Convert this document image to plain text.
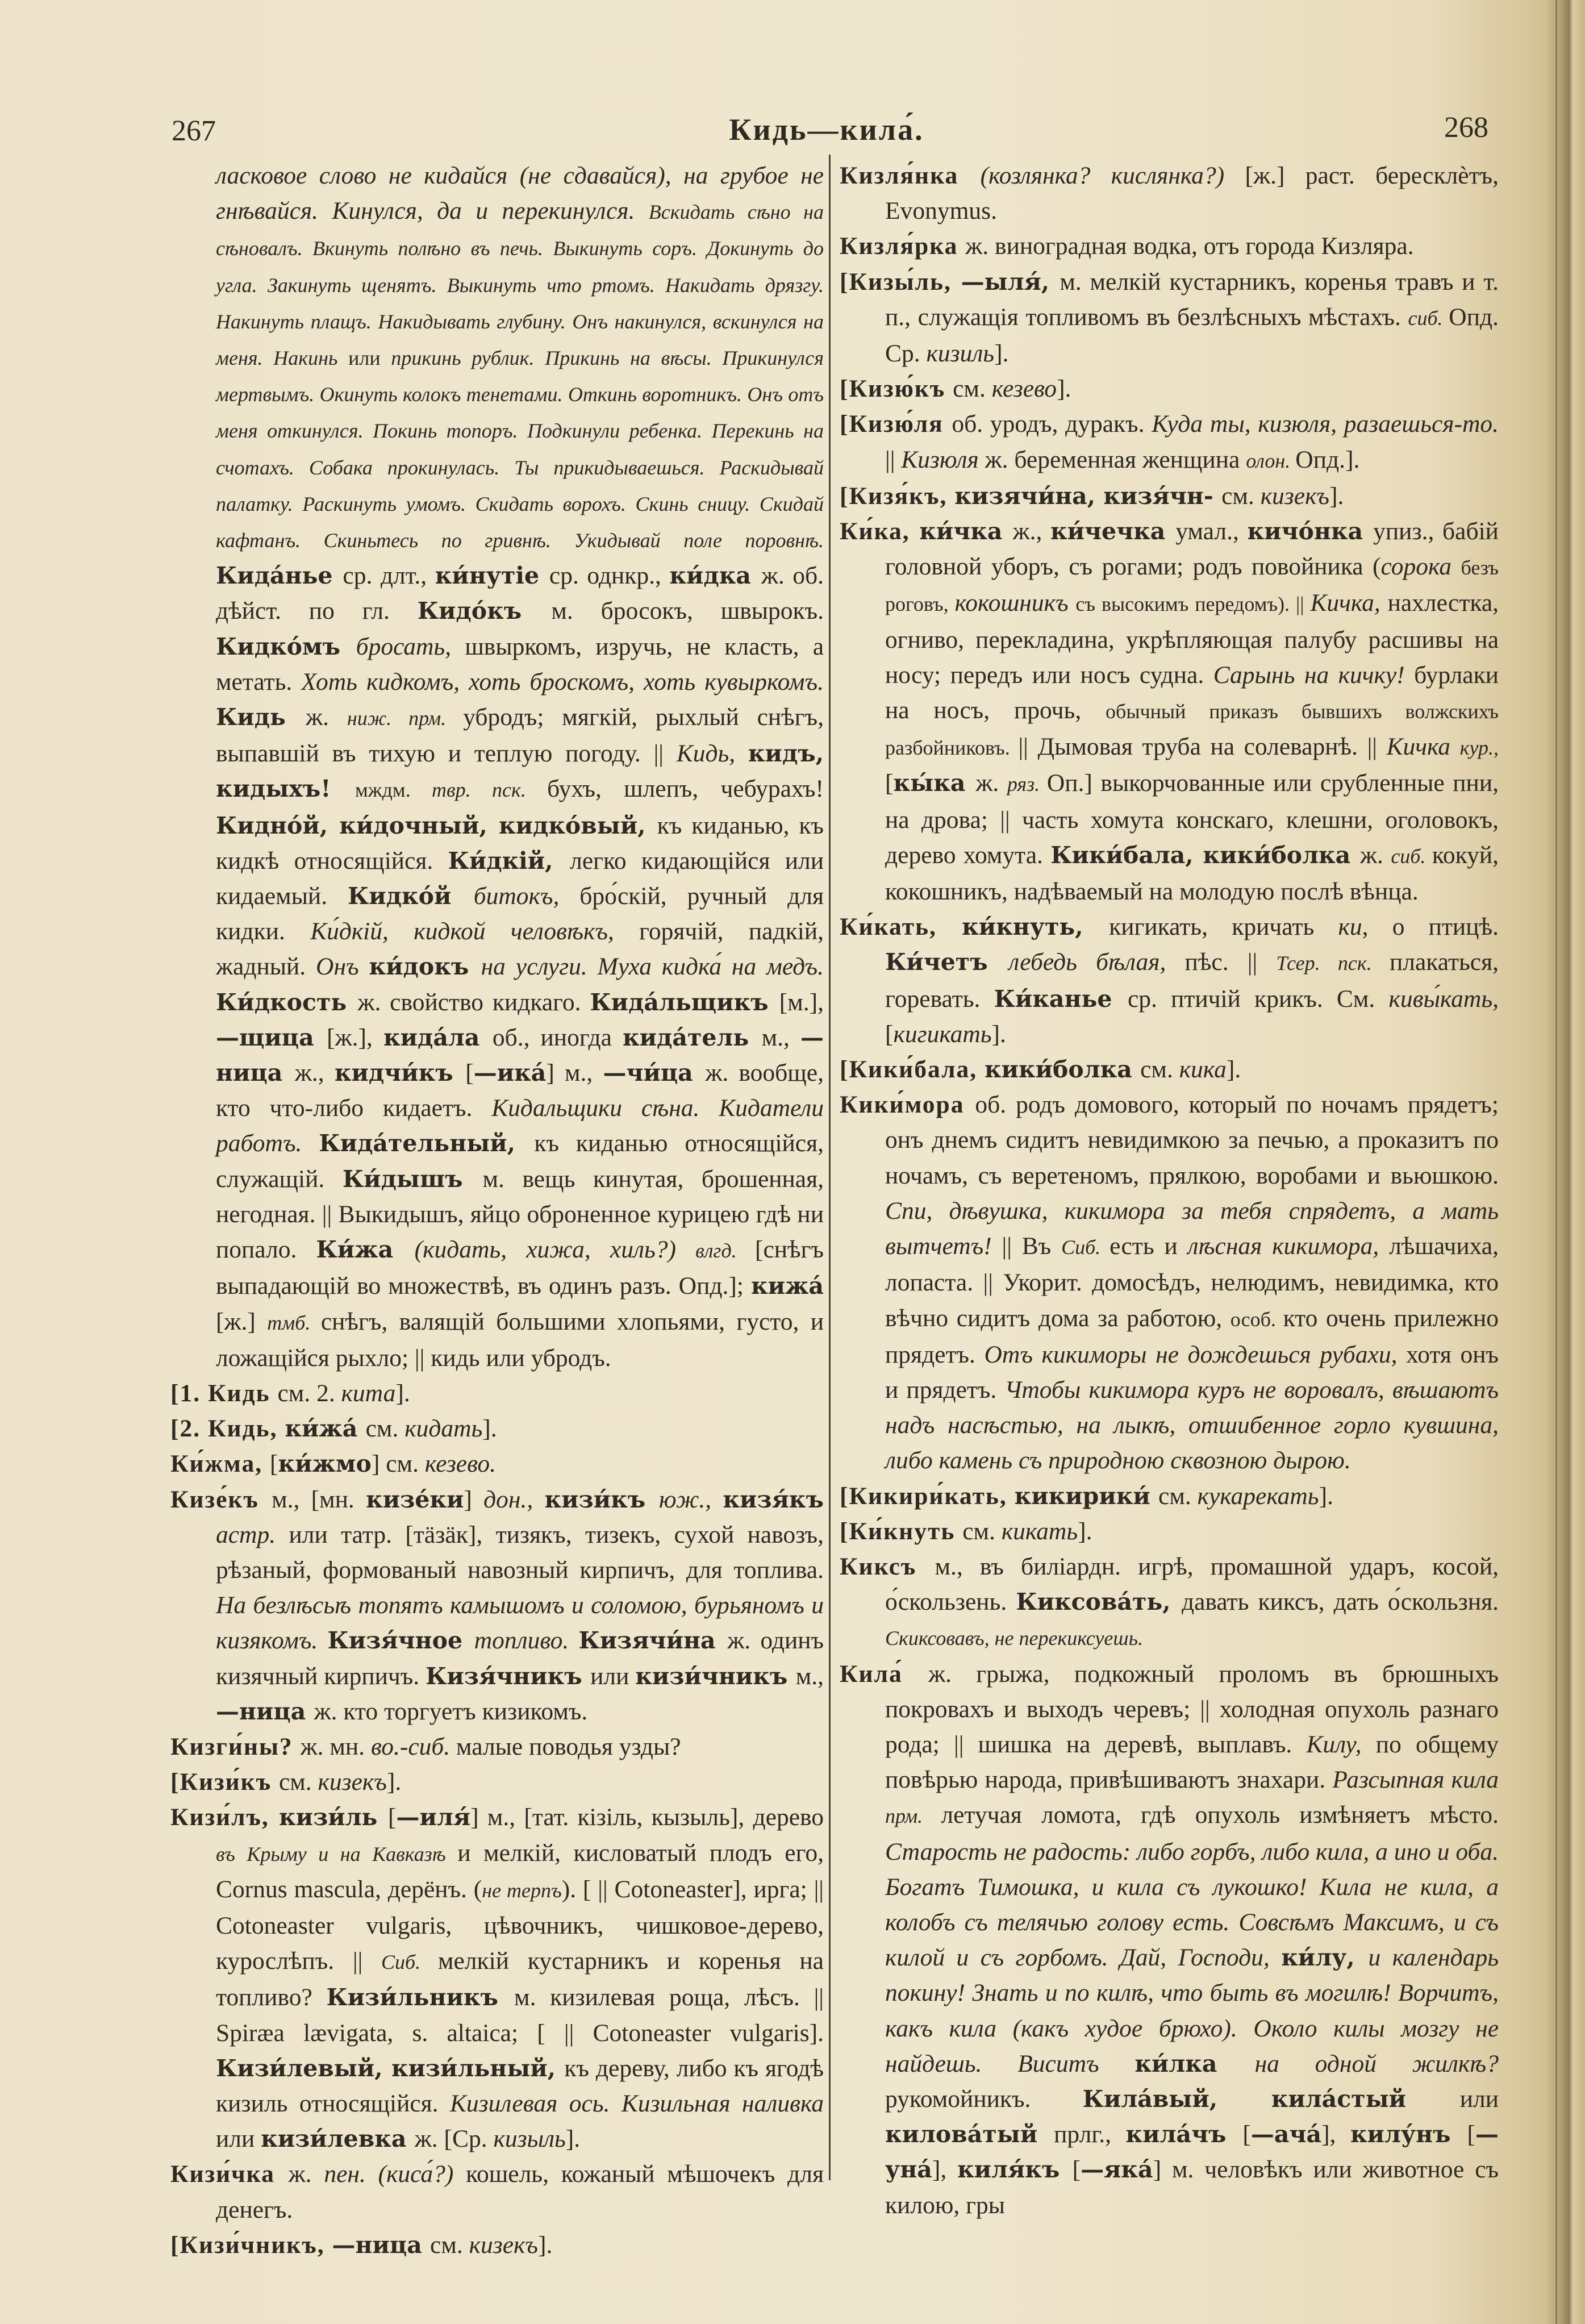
267	Кидь—кила́.	268

ласковое слово не кидайся (не сдавайся), на грубое не гнѣвайся. Кинулся, да и перекинулся. Вскидать сѣно на сѣновалъ. Вкинуть полѣно въ печь. Выкинуть соръ. Докинуть до угла. Закинуть щенятъ. Выкинуть что ртомъ. Накидать дрязгу. Накинуть плащъ. Накидывать глубину. Онъ накинулся, вскинулся на меня. Накинь или прикинь рублик. Прикинь на вѣсы. Прикинулся мертвымъ. Окинуть колокъ тенетами. Откинь воротникъ. Онъ отъ меня откинулся. Покинь топоръ. Подкинули ребенка. Перекинь на счотахъ. Собака прокинулась. Ты прикидываешься. Раскидывай палатку. Раскинуть умомъ. Скидать ворохъ. Скинь сницу. Скидай кафтанъ. Скиньтесь по гривнѣ. Укидывай поле поровнѣ. Кида́нье ср. длт., ки́нутіе ср. однкр., ки́дка ж. об. дѣйст. по гл. Кидо́къ м. бросокъ, швырокъ. Кидко́мъ бросать, швыркомъ, изручь, не класть, а метать. Хоть кидкомъ, хоть броскомъ, хоть кувыркомъ. Кидь ж. ниж. прм. убродъ; мягкій, рыхлый снѣгъ, выпавшій въ тихую и теплую погоду. || Кидь, кидъ, кидыхъ! мждм. твр. пск. бухъ, шлепъ, чебурахъ! Кидно́й, ки́дочный, кидко́вый, къ киданью, къ кидкѣ относящійся. Ки́дкій, легко кидающійся или кидаемый. Кидко́й битокъ, бро́скій, ручный для кидки. Ки́дкій, кидкой человѣкъ, горячій, падкій, жадный. Онъ ки́докъ на услуги. Муха кидка́ на медъ. Ки́дкость ж. свойство кидкаго. Кида́льщикъ [м.], —щица [ж.], кида́ла об., иногда кида́тель м., —ница ж., кидчи́къ [—ика́] м., —чи́ца ж. вообще, кто что-либо кидаетъ. Кидальщики сѣна. Кидатели работъ. Кида́тельный, къ киданью относящійся, служащій. Ки́дышъ м. вещь кинутая, брошенная, негодная. || Выкидышъ, яйцо оброненное курицею гдѣ ни попало. Ки́жа (кидать, хижа, хиль?) влгд. [снѣгъ выпадающій во множествѣ, въ одинъ разъ. Опд.]; кижа́ [ж.] тмб. снѣгъ, валящій большими хлопьями, густо, и ложащійся рыхло; || кидь или убродъ.

[1. Кидь см. 2. кита].

[2. Кидь, ки́жа́ см. кидать].

Ки́жма, [ки́жмо] см. кезево.

Кизе́къ м., [мн. кизе́ки] дон., кизи́къ юж., кизя́къ астр. или татр. [тäзäк], тизякъ, тизекъ, сухой навозъ, рѣзаный, формованый навозный кирпичъ, для топлива. На безлѣсьѣ топятъ камышомъ и соломою, бурьяномъ и кизякомъ. Кизя́чное топливо. Кизячи́на ж. одинъ кизячный кирпичъ. Кизя́чникъ или кизи́чникъ м., —ница ж. кто торгуетъ кизикомъ.

Кизги́ны? ж. мн. во.-сиб. малые поводья узды?

[Кизи́къ см. кизекъ].

Кизи́лъ, кизи́ль [—иля́] м., [тат. кізіль, кызыль], дерево въ Крыму и на Кавказѣ и мелкій, кисловатый плодъ его, Cornus mascula, дерёнъ. (не терпъ). [ || Cotoneaster], ирга; || Cotoneaster vulgaris, цѣвочникъ, чишковое-дерево, курослѣпъ. || Сиб. мелкій кустарникъ и коренья на топливо? Кизи́льникъ м. кизилевая роща, лѣсъ. || Spiræa lævigata, s. altaica; [ || Cotoneaster vulgaris]. Кизи́левый, кизи́льный, къ дереву, либо къ ягодѣ кизиль относящійся. Кизилевая ось. Кизильная наливка или кизи́левка ж. [Ср. кизыль].

Кизи́чка ж. пен. (киса́?) кошель, кожаный мѣшочекъ для денегъ.

[Кизи́чникъ, —ница см. кизекъ].

Кизля́нка (козлянка? кислянка?) [ж.] раст. бересклѐтъ, Evonymus.

Кизля́рка ж. виноградная водка, отъ города Кизляра.

[Кизы́ль, —ыля́, м. мелкій кустарникъ, коренья травъ и т. п., служащія топливомъ въ безлѣсныхъ мѣстахъ. сиб. Опд. Ср. кизиль].

[Кизю́къ см. кезево].

[Кизю́ля об. уродъ, дуракъ. Куда ты, кизюля, разаешься-то. || Кизюля ж. беременная женщина олон. Опд.].

[Кизя́къ, кизячи́на, кизя́чн- см. кизекъ].

Ки́ка, ки́чка ж., ки́чечка умал., кичо́нка упиз., бабій головной уборъ, съ рогами; родъ повойника (сорока безъ роговъ, кокошникъ съ высокимъ передомъ). || Кичка, нахлестка, огниво, перекладина, укрѣпляющая палубу расшивы на носу; передъ или носъ судна. Сарынь на кичку! бурлаки на носъ, прочь, обычный приказъ бывшихъ волжскихъ разбойниковъ. || Дымовая труба на солеварнѣ. || Кичка кур., [кы́ка ж. ряз. Оп.] выкорчованные или срубленные пни, на дрова; || часть хомута конскаго, клешни, оголовокъ, дерево хомута. Кики́бала, кики́болка ж. сиб. кокуй, кокошникъ, надѣваемый на молодую послѣ вѣнца.

Ки́кать, ки́кнуть, кигикать, кричать ки, о птицѣ. Ки́четъ лебедь бѣлая, пѣс. || Тсер. пск. плакаться, горевать. Ки́канье ср. птичій крикъ. См. кивы́кать, [кигикать].

[Кики́бала, кики́болка см. кика].

Кики́мора об. родъ домового, который по ночамъ прядетъ; онъ днемъ сидитъ невидимкою за печью, а проказитъ по ночамъ, съ веретеномъ, прялкою, воробами и вьюшкою. Спи, дѣвушка, кикимора за тебя спрядетъ, а мать вытчетъ! || Въ Сиб. есть и лѣсная кикимора, лѣшачиха, лопаста. || Укорит. домосѣдъ, нелюдимъ, невидимка, кто вѣчно сидитъ дома за работою, особ. кто очень прилежно прядетъ. Отъ кикиморы не дождешься рубахи, хотя онъ и прядетъ. Чтобы кикимора куръ не воровалъ, вѣшаютъ надъ насѣстью, на лыкѣ, отшибенное горло кувшина, либо камень съ природною сквозною дырою.

[Кикири́кать, кикирики́ см. кукарекать].

[Ки́кнуть см. кикать].

Киксъ м., въ биліардн. игрѣ, промашной ударъ, косой, о́скользень. Киксова́ть, давать киксъ, дать о́скользня. Скиксовавъ, не перекиксуешь.

Кила́ ж. грыжа, подкожный проломъ въ брюшныхъ покровахъ и выходъ черевъ; || холодная опухоль разнаго рода; || шишка на деревѣ, выплавъ. Килу, по общему повѣрью народа, привѣшиваютъ знахари. Разсыпная кила прм. летучая ломота, гдѣ опухоль измѣняетъ мѣсто. Старость не радость: либо горбъ, либо кила, а ино и оба. Богатъ Тимошка, и кила съ лукошко! Кила не кила, а колобъ съ телячью голову есть. Совсѣмъ Максимъ, и съ килой и съ горбомъ. Дай, Господи, ки́лу, и календарь покину! Знать и по килѣ, что быть въ могилѣ! Ворчитъ, какъ кила (какъ худое брюхо). Около килы мозгу не найдешь. Виситъ ки́лка на одной жилкѣ? рукомойникъ. Кила́вый, кила́стый или килова́тый прлг., кила́чъ [—ача́], килу́нъ [—уна́], киля́къ [—яка́] м. человѣкъ или животное съ килою, гры
